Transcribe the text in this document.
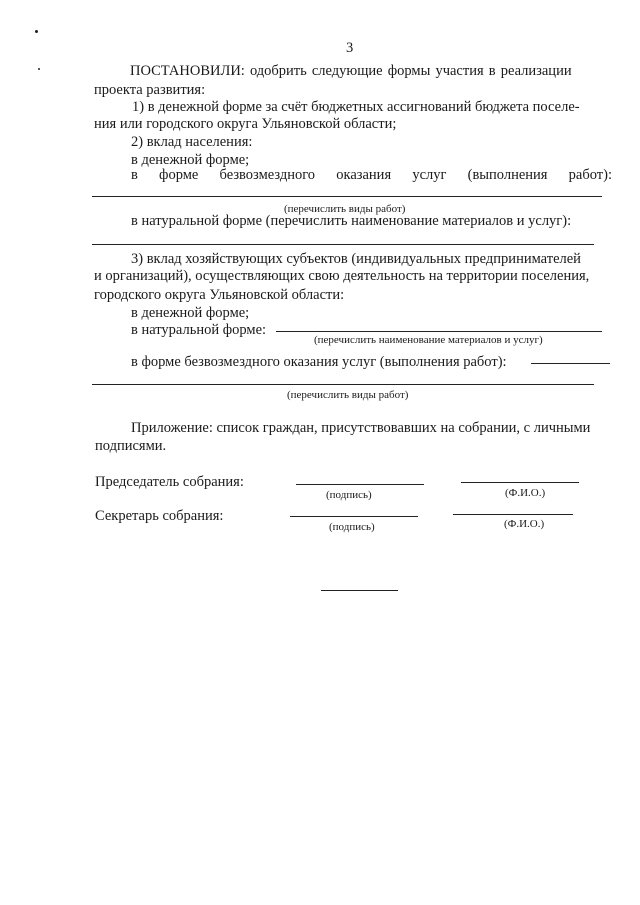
3
ПОСТАНОВИЛИ: одобрить следующие формы участия в реализации
проекта развития:
1) в денежной форме за счёт бюджетных ассигнований бюджета поселе-
ния или городского округа Ульяновской области;
2) вклад населения:
в денежной форме;
в форме безвозмездного оказания услуг (выполнения работ):
(перечислить виды работ)
в натуральной форме (перечислить наименование материалов и услуг):
3) вклад хозяйствующих субъектов (индивидуальных предпринимателей
и организаций), осуществляющих свою деятельность на территории поселения,
городского округа Ульяновской области:
в денежной форме;
в натуральной форме:
(перечислить наименование материалов и услуг)
в форме безвозмездного оказания услуг (выполнения работ):
(перечислить виды работ)
Приложение: список граждан, присутствовавших на собрании, с личными
подписями.
Председатель собрания:
(подпись)	(Ф.И.О.)
Секретарь собрания:
(подпись)	(Ф.И.О.)
